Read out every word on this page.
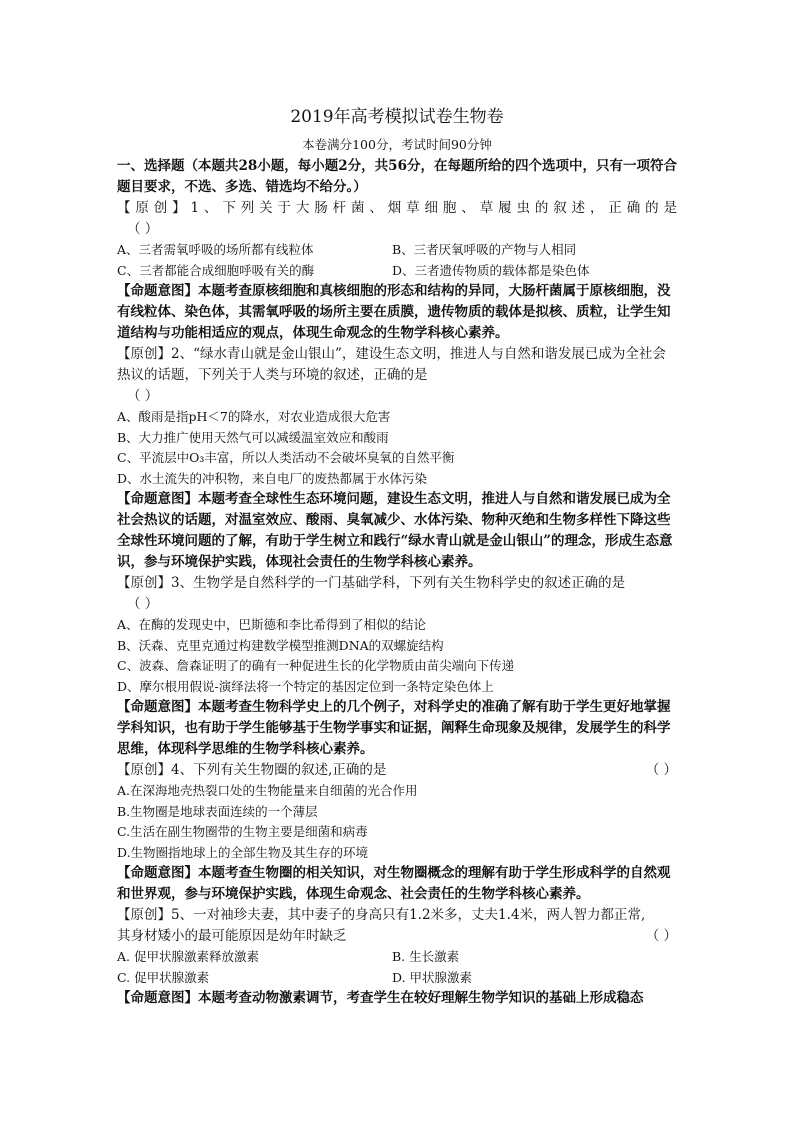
2019年高考模拟试卷生物卷
本卷满分100分，考试时间90分钟

一、选择题（本题共28小题，每小题2分，共56分，在每题所给的四个选项中，只有一项符合题目要求，不选、多选、错选均不给分。）

【原创】1、下列关于大肠杆菌、烟草细胞、草履虫的叙述，正确的是

（ ）

A、三者需氧呼吸的场所都有线粒体	B、三者厌氧呼吸的产物与人相同
C、三者都能合成细胞呼吸有关的酶	D、三者遗传物质的载体都是染色体

【命题意图】本题考查原核细胞和真核细胞的形态和结构的异同，大肠杆菌属于原核细胞，没有线粒体、染色体，其需氧呼吸的场所主要在质膜，遗传物质的载体是拟核、质粒，让学生知道结构与功能相适应的观点，体现生命观念的生物学科核心素养。

【原创】2、“绿水青山就是金山银山”，建设生态文明，推进人与自然和谐发展已成为全社会热议的话题，下列关于人类与环境的叙述，正确的是

（ ）

A、酸雨是指pH＜7的降水，对农业造成很大危害

B、大力推广使用天然气可以减缓温室效应和酸雨

C、平流层中O₃丰富，所以人类活动不会破坏臭氧的自然平衡

D、水土流失的冲积物，来自电厂的废热都属于水体污染

【命题意图】本题考查全球性生态环境问题，建设生态文明，推进人与自然和谐发展已成为全社会热议的话题，对温室效应、酸雨、臭氧减少、水体污染、物种灭绝和生物多样性下降这些全球性环境问题的了解，有助于学生树立和践行“绿水青山就是金山银山”的理念，形成生态意识，参与环境保护实践，体现社会责任的生物学科核心素养。

【原创】3、生物学是自然科学的一门基础学科，下列有关生物科学史的叙述正确的是

（ ）

A、在酶的发现史中，巴斯德和李比希得到了相似的结论

B、沃森、克里克通过构建数学模型推测DNA的双螺旋结构

C、波森、詹森证明了的确有一种促进生长的化学物质由苗尖端向下传递

D、摩尔根用假说-演绎法将一个特定的基因定位到一条特定染色体上

【命题意图】本题考查生物科学史上的几个例子，对科学史的准确了解有助于学生更好地掌握学科知识，也有助于学生能够基于生物学事实和证据，阐释生命现象及规律，发展学生的科学思维，体现科学思维的生物学科核心素养。

【原创】4、下列有关生物圈的叙述,正确的是	（ ）

A.在深海地壳热裂口处的生物能量来自细菌的光合作用

B.生物圈是地球表面连续的一个薄层

C.生活在副生物圈带的生物主要是细菌和病毒

D.生物圈指地球上的全部生物及其生存的环境

【命题意图】本题考查生物圈的相关知识，对生物圈概念的理解有助于学生形成科学的自然观和世界观，参与环境保护实践，体现生命观念、社会责任的生物学科核心素养。

【原创】5、一对袖珍夫妻，其中妻子的身高只有1.2米多，丈夫1.4米，两人智力都正常,

其身材矮小的最可能原因是幼年时缺乏	（ ）
A. 促甲状腺激素释放激素	B. 生长激素
C. 促甲状腺激素	D. 甲状腺激素

【命题意图】本题考查动物激素调节，考查学生在较好理解生物学知识的基础上形成稳态
